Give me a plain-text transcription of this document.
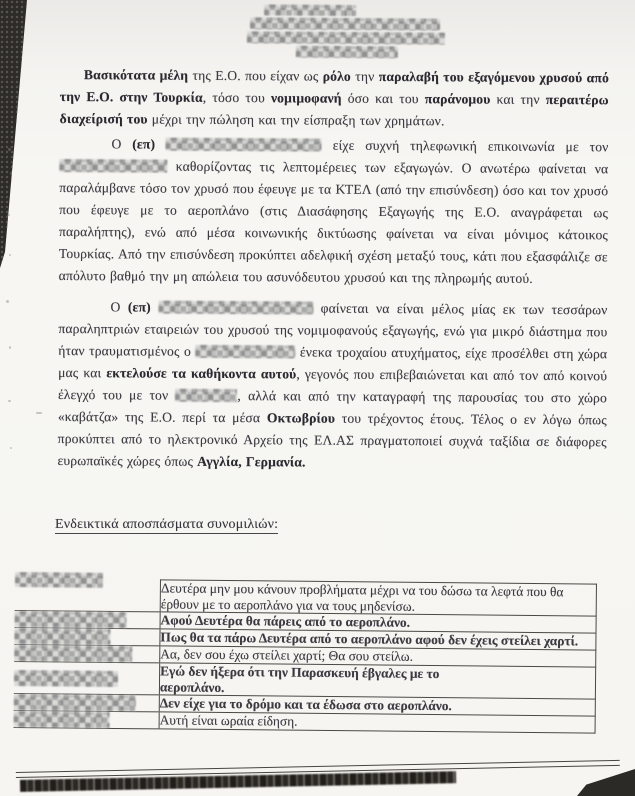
Βασικότατα μέλη της Ε.Ο. που είχαν ως ρόλο την παραλαβή του εξαγόμενου χρυσού από την Ε.Ο. στην Τουρκία, τόσο του νομιμοφανή όσο και του παράνομου και την περαιτέρω διαχείρισή του μέχρι την πώληση και την είσπραξη των χρημάτων.

Ο (επ)	είχε συχνή τηλεφωνική επικοινωνία με τον  καθορίζοντας τις λεπτομέρειες των εξαγωγών. Ο ανωτέρω φαίνεται να παραλάμβανε τόσο τον χρυσό που έφευγε με τα ΚΤΕΛ (από την επισύνδεση) όσο και τον χρυσό που έφευγε με το αεροπλάνο (στις Διασάφησης Εξαγωγής της Ε.Ο. αναγράφεται ως παραλήπτης), ενώ από μέσα κοινωνικής δικτύωσης φαίνεται να είναι μόνιμος κάτοικος Τουρκίας. Από την επισύνδεση προκύπτει αδελφική σχέση μεταξύ τους, κάτι που εξασφάλιζε σε απόλυτο βαθμό την μη απώλεια του ασυνόδευτου χρυσού και της πληρωμής αυτού.

Ο (επ)	φαίνεται να είναι μέλος μίας εκ των τεσσάρων παραληπτριών εταιρειών του χρυσού της νομιμοφανούς εξαγωγής, ενώ για μικρό διάστημα που ήταν τραυματισμένος ο	ένεκα τροχαίου ατυχήματος, είχε προσέλθει στη χώρα μας και εκτελούσε τα καθήκοντα αυτού, γεγονός που επιβεβαιώνεται και από τον από κοινού έλεγχό του με τον	, αλλά και από την καταγραφή της παρουσίας του στο χώρο «καβάτζα» της Ε.Ο. περί τα μέσα Οκτωβρίου του τρέχοντος έτους. Τέλος ο εν λόγω όπως προκύπτει από το ηλεκτρονικό Αρχείο της ΕΛ.ΑΣ πραγματοποιεί συχνά ταξίδια σε διάφορες ευρωπαϊκές χώρες όπως Αγγλία, Γερμανία.

Ενδεικτικά αποσπάσματα συνομιλιών:
	Δευτέρα μην μου κάνουν προβλήματα μέχρι να του δώσω τα λεφτά που θα έρθουν με το αεροπλάνο για να τους μηδενίσω.

	Αφού Δευτέρα θα πάρεις από το αεροπλάνο.

	Πως θα τα πάρω Δευτέρα από το αεροπλάνο αφού δεν έχεις στείλει χαρτί.

	Αα, δεν σου έχω στείλει χαρτί; Θα σου στείλω.

	Εγώ δεν ήξερα ότι την Παρασκευή έβγαλες με το αεροπλάνο.

	Δεν είχε για το δρόμο και τα έδωσα στο αεροπλάνο.

	Αυτή είναι ωραία είδηση.
